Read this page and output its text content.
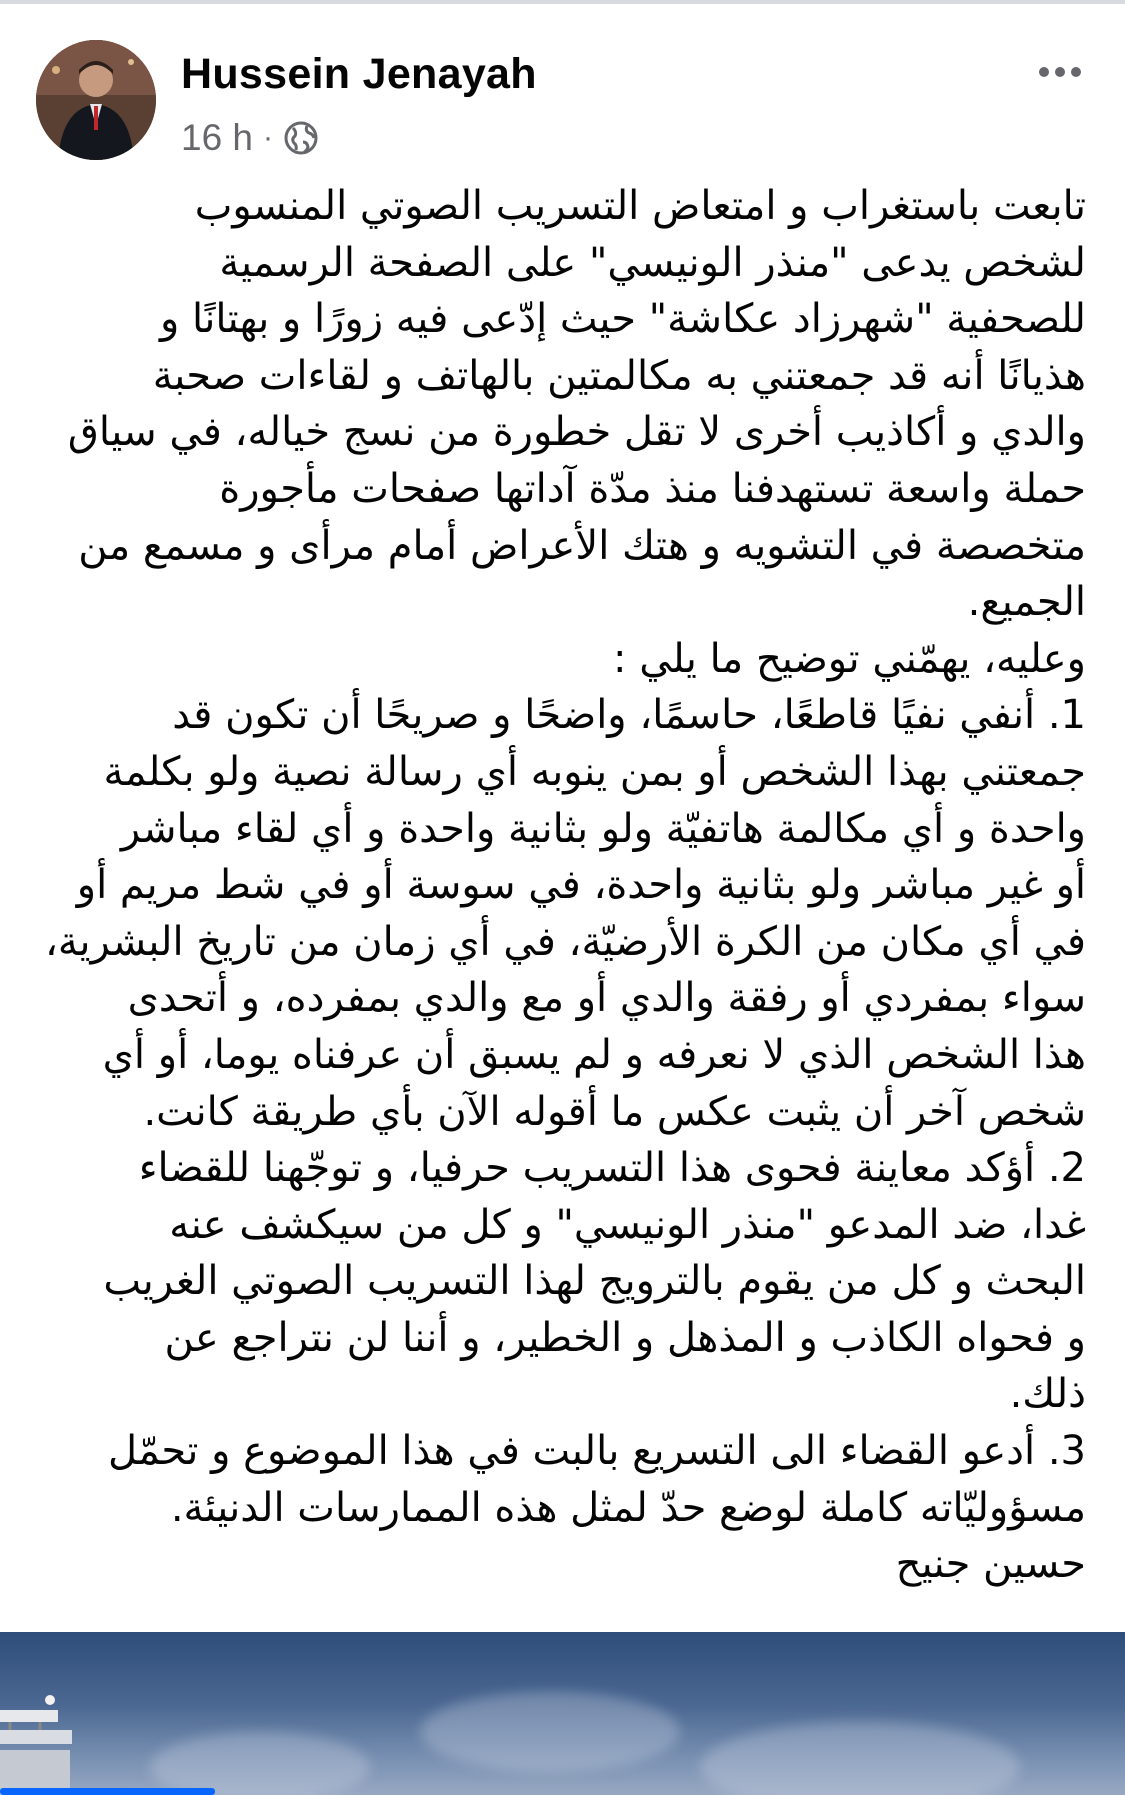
Hussein Jenayah
16 h ·
تابعت باستغراب و امتعاض التسريب الصوتي المنسوب
لشخص يدعى "منذر الونيسي" على الصفحة الرسمية
للصحفية "شهرزاد عكاشة" حيث إدّعى فيه زورًا و بهتانًا و
هذيانًا أنه قد جمعتني به مكالمتين بالهاتف و لقاءات صحبة
والدي و أكاذيب أخرى لا تقل خطورة من نسج خياله، في سياق
حملة واسعة تستهدفنا منذ مدّة آداتها صفحات مأجورة
متخصصة في التشويه و هتك الأعراض أمام مرأى و مسمع من
الجميع.
وعليه، يهمّني توضيح ما يلي :
1. أنفي نفيًا قاطعًا، حاسمًا، واضحًا و صريحًا أن تكون قد
جمعتني بهذا الشخص أو بمن ينوبه أي رسالة نصية ولو بكلمة
واحدة و أي مكالمة هاتفيّة ولو بثانية واحدة و أي لقاء مباشر
أو غير مباشر ولو بثانية واحدة، في سوسة أو في شط مريم أو
في أي مكان من الكرة الأرضيّة، في أي زمان من تاريخ البشرية،
سواء بمفردي أو رفقة والدي أو مع والدي بمفرده، و أتحدى
هذا الشخص الذي لا نعرفه و لم يسبق أن عرفناه يوما، أو أي
شخص آخر أن يثبت عكس ما أقوله الآن بأي طريقة كانت.
2. أؤكد معاينة فحوى هذا التسريب حرفيا، و توجّهنا للقضاء
غدا، ضد المدعو "منذر الونيسي" و كل من سيكشف عنه
البحث و كل من يقوم بالترويج لهذا التسريب الصوتي الغريب
و فحواه الكاذب و المذهل و الخطير، و أننا لن نتراجع عن
ذلك.
3. أدعو القضاء الى التسريع بالبت في هذا الموضوع و تحمّل
مسؤوليّاته كاملة لوضع حدّ لمثل هذه الممارسات الدنيئة.
حسين جنيح
